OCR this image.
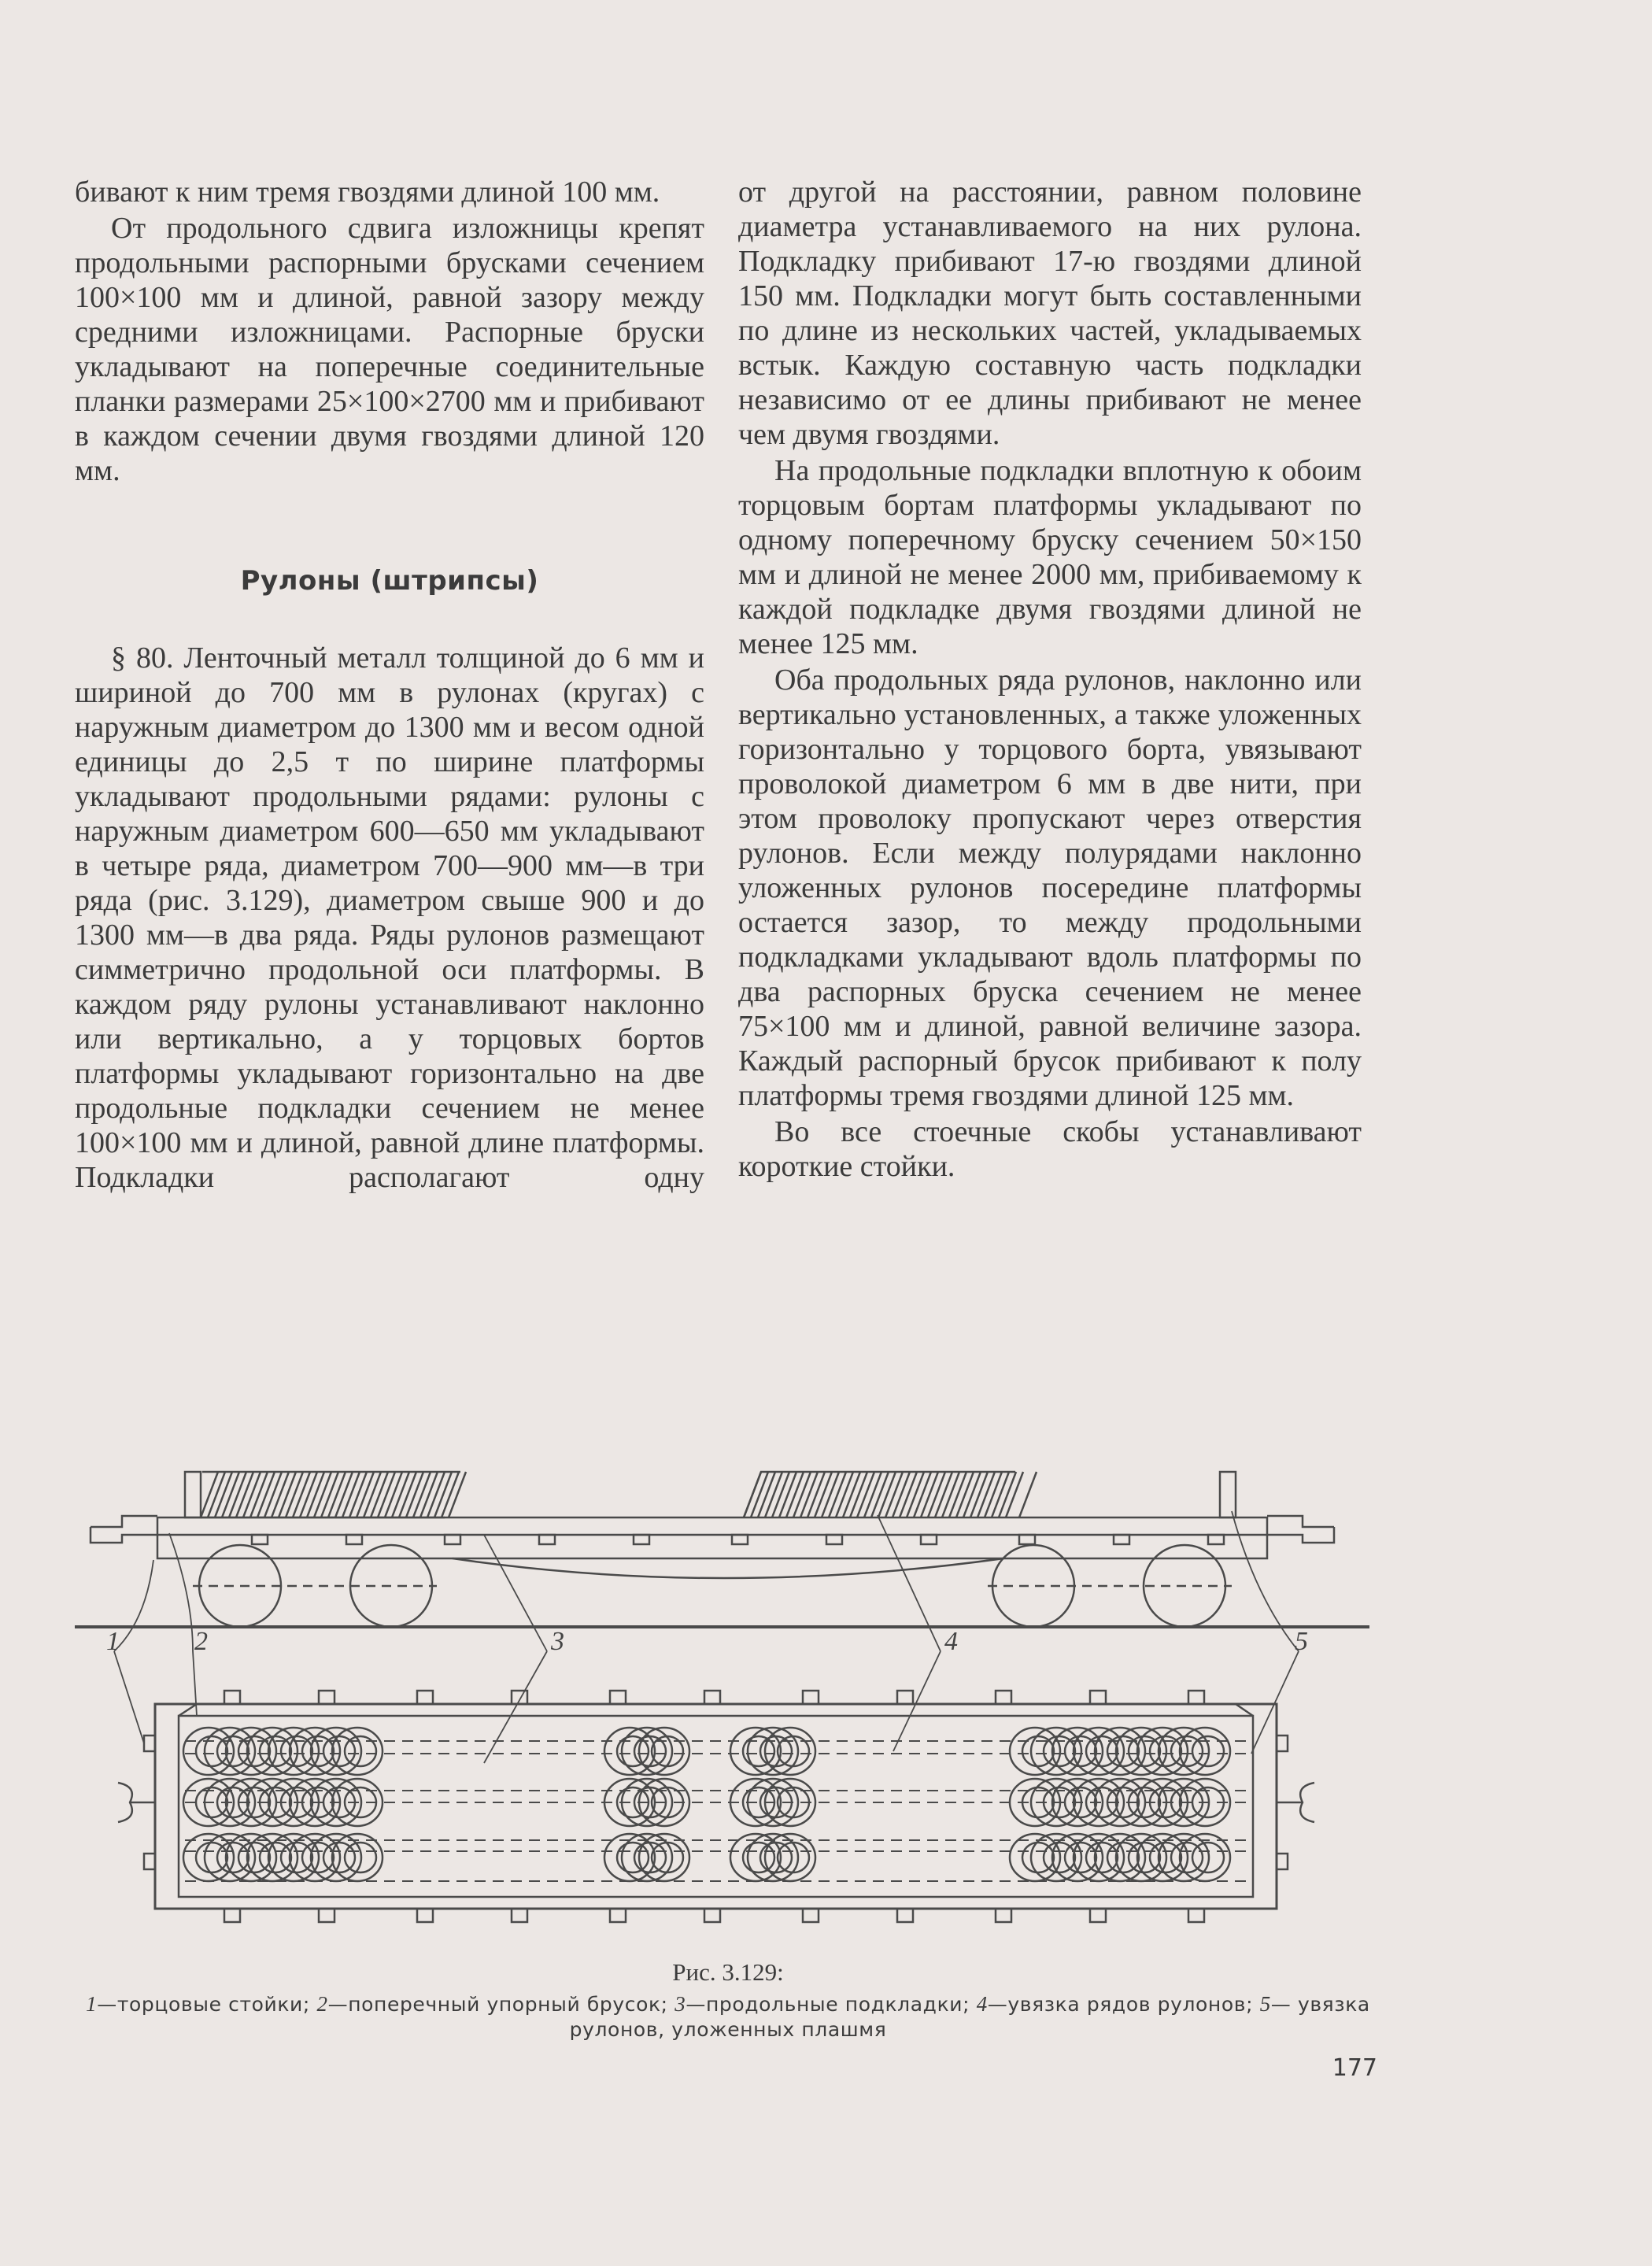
бивают к ним тремя гвоздями длиной 100 мм.

От продольного сдвига изложницы крепят продольными распорными брусками сечением 100×100 мм и длиной, равной зазору между средними изложницами. Распорные бруски укладывают на поперечные соединительные планки размерами 25×100×2700 мм и прибивают в каждом сечении двумя гвоздями длиной 120 мм.

Рулоны (штрипсы)

§ 80. Ленточный металл толщиной до 6 мм и шириной до 700 мм в рулонах (кругах) с наружным диаметром до 1300 мм и весом одной единицы до 2,5 т по ширине платформы укладывают продольными рядами: рулоны с наружным диаметром 600—650 мм укладывают в четыре ряда, диаметром 700—900 мм—в три ряда (рис. 3.129), диаметром свыше 900 и до 1300 мм—в два ряда. Ряды рулонов размещают симметрично продольной оси платформы. В каждом ряду рулоны устанавливают наклонно или вертикально, а у торцовых бортов платформы укладывают горизонтально на две продольные подкладки сечением не менее 100×100 мм и длиной, равной длине платформы. Подкладки располагают одну

от другой на расстоянии, равном половине диаметра устанавливаемого на них рулона. Подкладку прибивают 17-ю гвоздями длиной 150 мм. Подкладки могут быть составленными по длине из нескольких частей, укладываемых встык. Каждую составную часть подкладки независимо от ее длины прибивают не менее чем двумя гвоздями.

На продольные подкладки вплотную к обоим торцовым бортам платформы укладывают по одному поперечному бруску сечением 50×150 мм и длиной не менее 2000 мм, прибиваемому к каждой подкладке двумя гвоздями длиной не менее 125 мм.

Оба продольных ряда рулонов, наклонно или вертикально установленных, а также уложенных горизонтально у торцового борта, увязывают проволокой диаметром 6 мм в две нити, при этом проволоку пропускают через отверстия рулонов. Если между полурядами наклонно уложенных рулонов посередине платформы остается зазор, то между продольными подкладками укладывают вдоль платформы по два распорных бруска сечением не менее 75×100 мм и длиной, равной величине зазора. Каждый распорный брусок прибивают к полу платформы тремя гвоздями длиной 125 мм.

Во все стоечные скобы устанавливают короткие стойки.

1	2	3	4	5
Рис. 3.129:
1—торцовые стойки; 2—поперечный упорный брусок; 3—продольные подкладки; 4—увязка рядов рулонов; 5— увязка рулонов, уложенных плашмя
177
